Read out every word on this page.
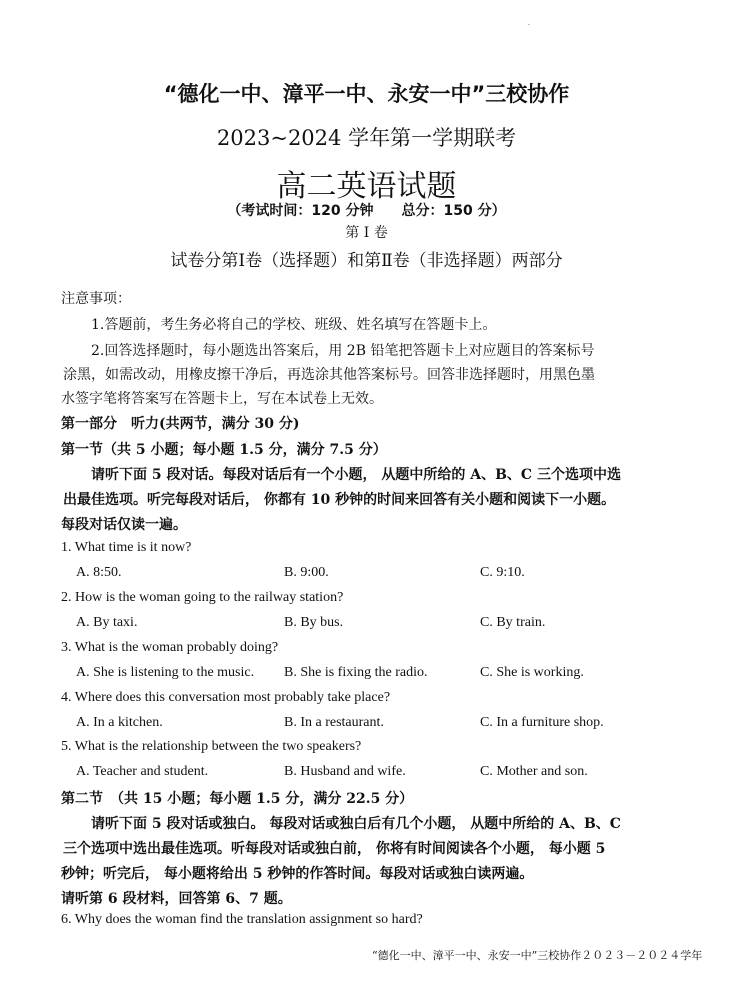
.
“德化一中、漳平一中、永安一中”三校协作
2023~2024 学年第一学期联考
高二英语试题
（考试时间：120 分钟　　总分：150 分）
第 I 卷
试卷分第Ⅰ卷（选择题）和第Ⅱ卷（非选择题）两部分
注意事项：
1.答题前，考生务必将自己的学校、班级、姓名填写在答题卡上。
2.回答选择题时，每小题选出答案后，用 2B 铅笔把答题卡上对应题目的答案标号
涂黑，如需改动，用橡皮擦干净后，再选涂其他答案标号。回答非选择题时，用黑色墨
水签字笔将答案写在答题卡上，写在本试卷上无效。
第一部分　听力(共两节，满分 30 分)
第一节（共 5 小题；每小题 1.5 分，满分 7.5 分）
请听下面 5 段对话。每段对话后有一个小题， 从题中所给的 A、B、C 三个选项中选
出最佳选项。听完每段对话后， 你都有 10 秒钟的时间来回答有关小题和阅读下一小题。
每段对话仅读一遍。
1. What time is it now?
A. 8:50.	B. 9:00.	C. 9:10.
2. How is the woman going to the railway station?
A. By taxi.	B. By bus.	C. By train.
3. What is the woman probably doing?
A. She is listening to the music. B. She is fixing the radio.	C. She is working.
4. Where does this conversation most probably take place?
A. In a kitchen.	B. In a restaurant.	C. In a furniture shop.
5. What is the relationship between the two speakers?
A. Teacher and student.	B. Husband and wife.	C. Mother and son.
第二节　（共 15 小题；每小题 1.5 分，满分 22.5 分）
请听下面 5 段对话或独白。 每段对话或独白后有几个小题， 从题中所给的 A、B、C
三个选项中选出最佳选项。听每段对话或独白前， 你将有时间阅读各个小题， 每小题 5
秒钟；听完后， 每小题将给出 5 秒钟的作答时间。每段对话或独白读两遍。
请听第 6 段材料，回答第 6、7 题。
6. Why does the woman find the translation assignment so hard?
“德化一中、漳平一中、永安一中”三校协作２０２３－２０２４学年
